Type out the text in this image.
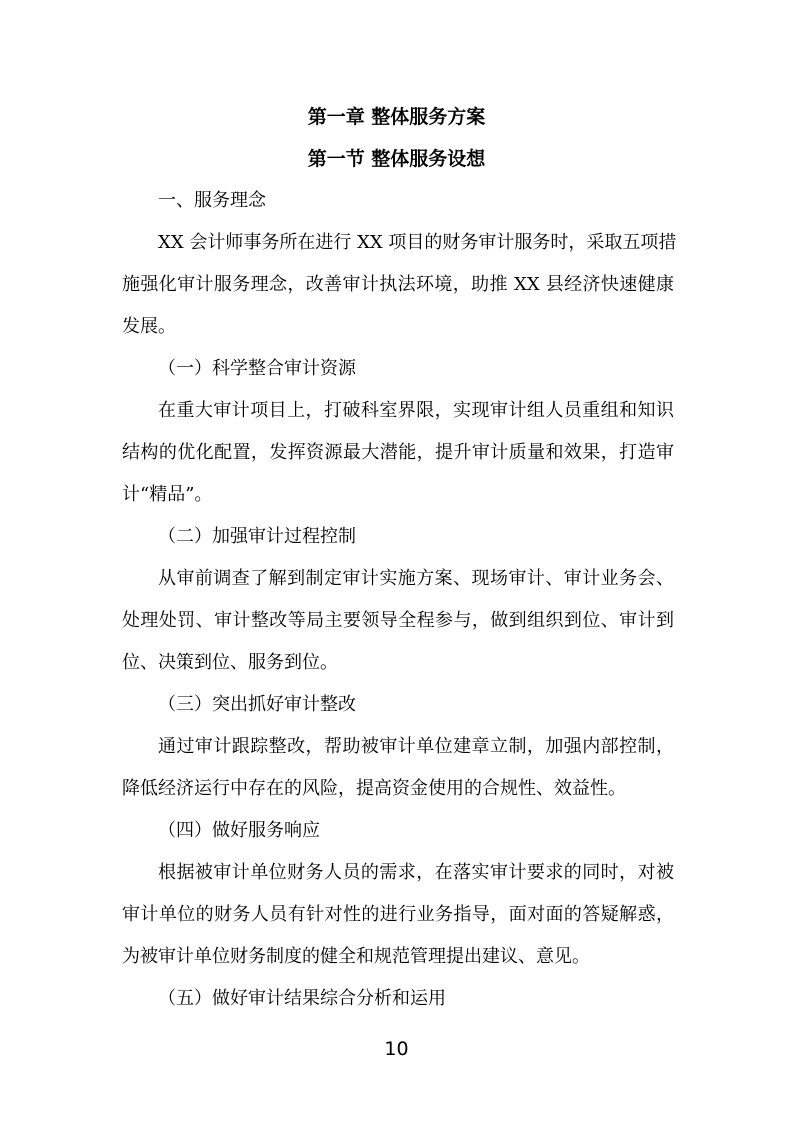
第一章 整体服务方案
第一节 整体服务设想
一、服务理念
XX 会计师事务所在进行 XX 项目的财务审计服务时，采取五项措
施强化审计服务理念，改善审计执法环境，助推 XX 县经济快速健康
发展。
（一）科学整合审计资源
在重大审计项目上，打破科室界限，实现审计组人员重组和知识
结构的优化配置，发挥资源最大潜能，提升审计质量和效果，打造审
计“精品”。
（二）加强审计过程控制
从审前调查了解到制定审计实施方案、现场审计、审计业务会、
处理处罚、审计整改等局主要领导全程参与，做到组织到位、审计到
位、决策到位、服务到位。
（三）突出抓好审计整改
通过审计跟踪整改，帮助被审计单位建章立制，加强内部控制，
降低经济运行中存在的风险，提高资金使用的合规性、效益性。
（四）做好服务响应
根据被审计单位财务人员的需求，在落实审计要求的同时，对被
审计单位的财务人员有针对性的进行业务指导，面对面的答疑解惑，
为被审计单位财务制度的健全和规范管理提出建议、意见。
（五）做好审计结果综合分析和运用
10
